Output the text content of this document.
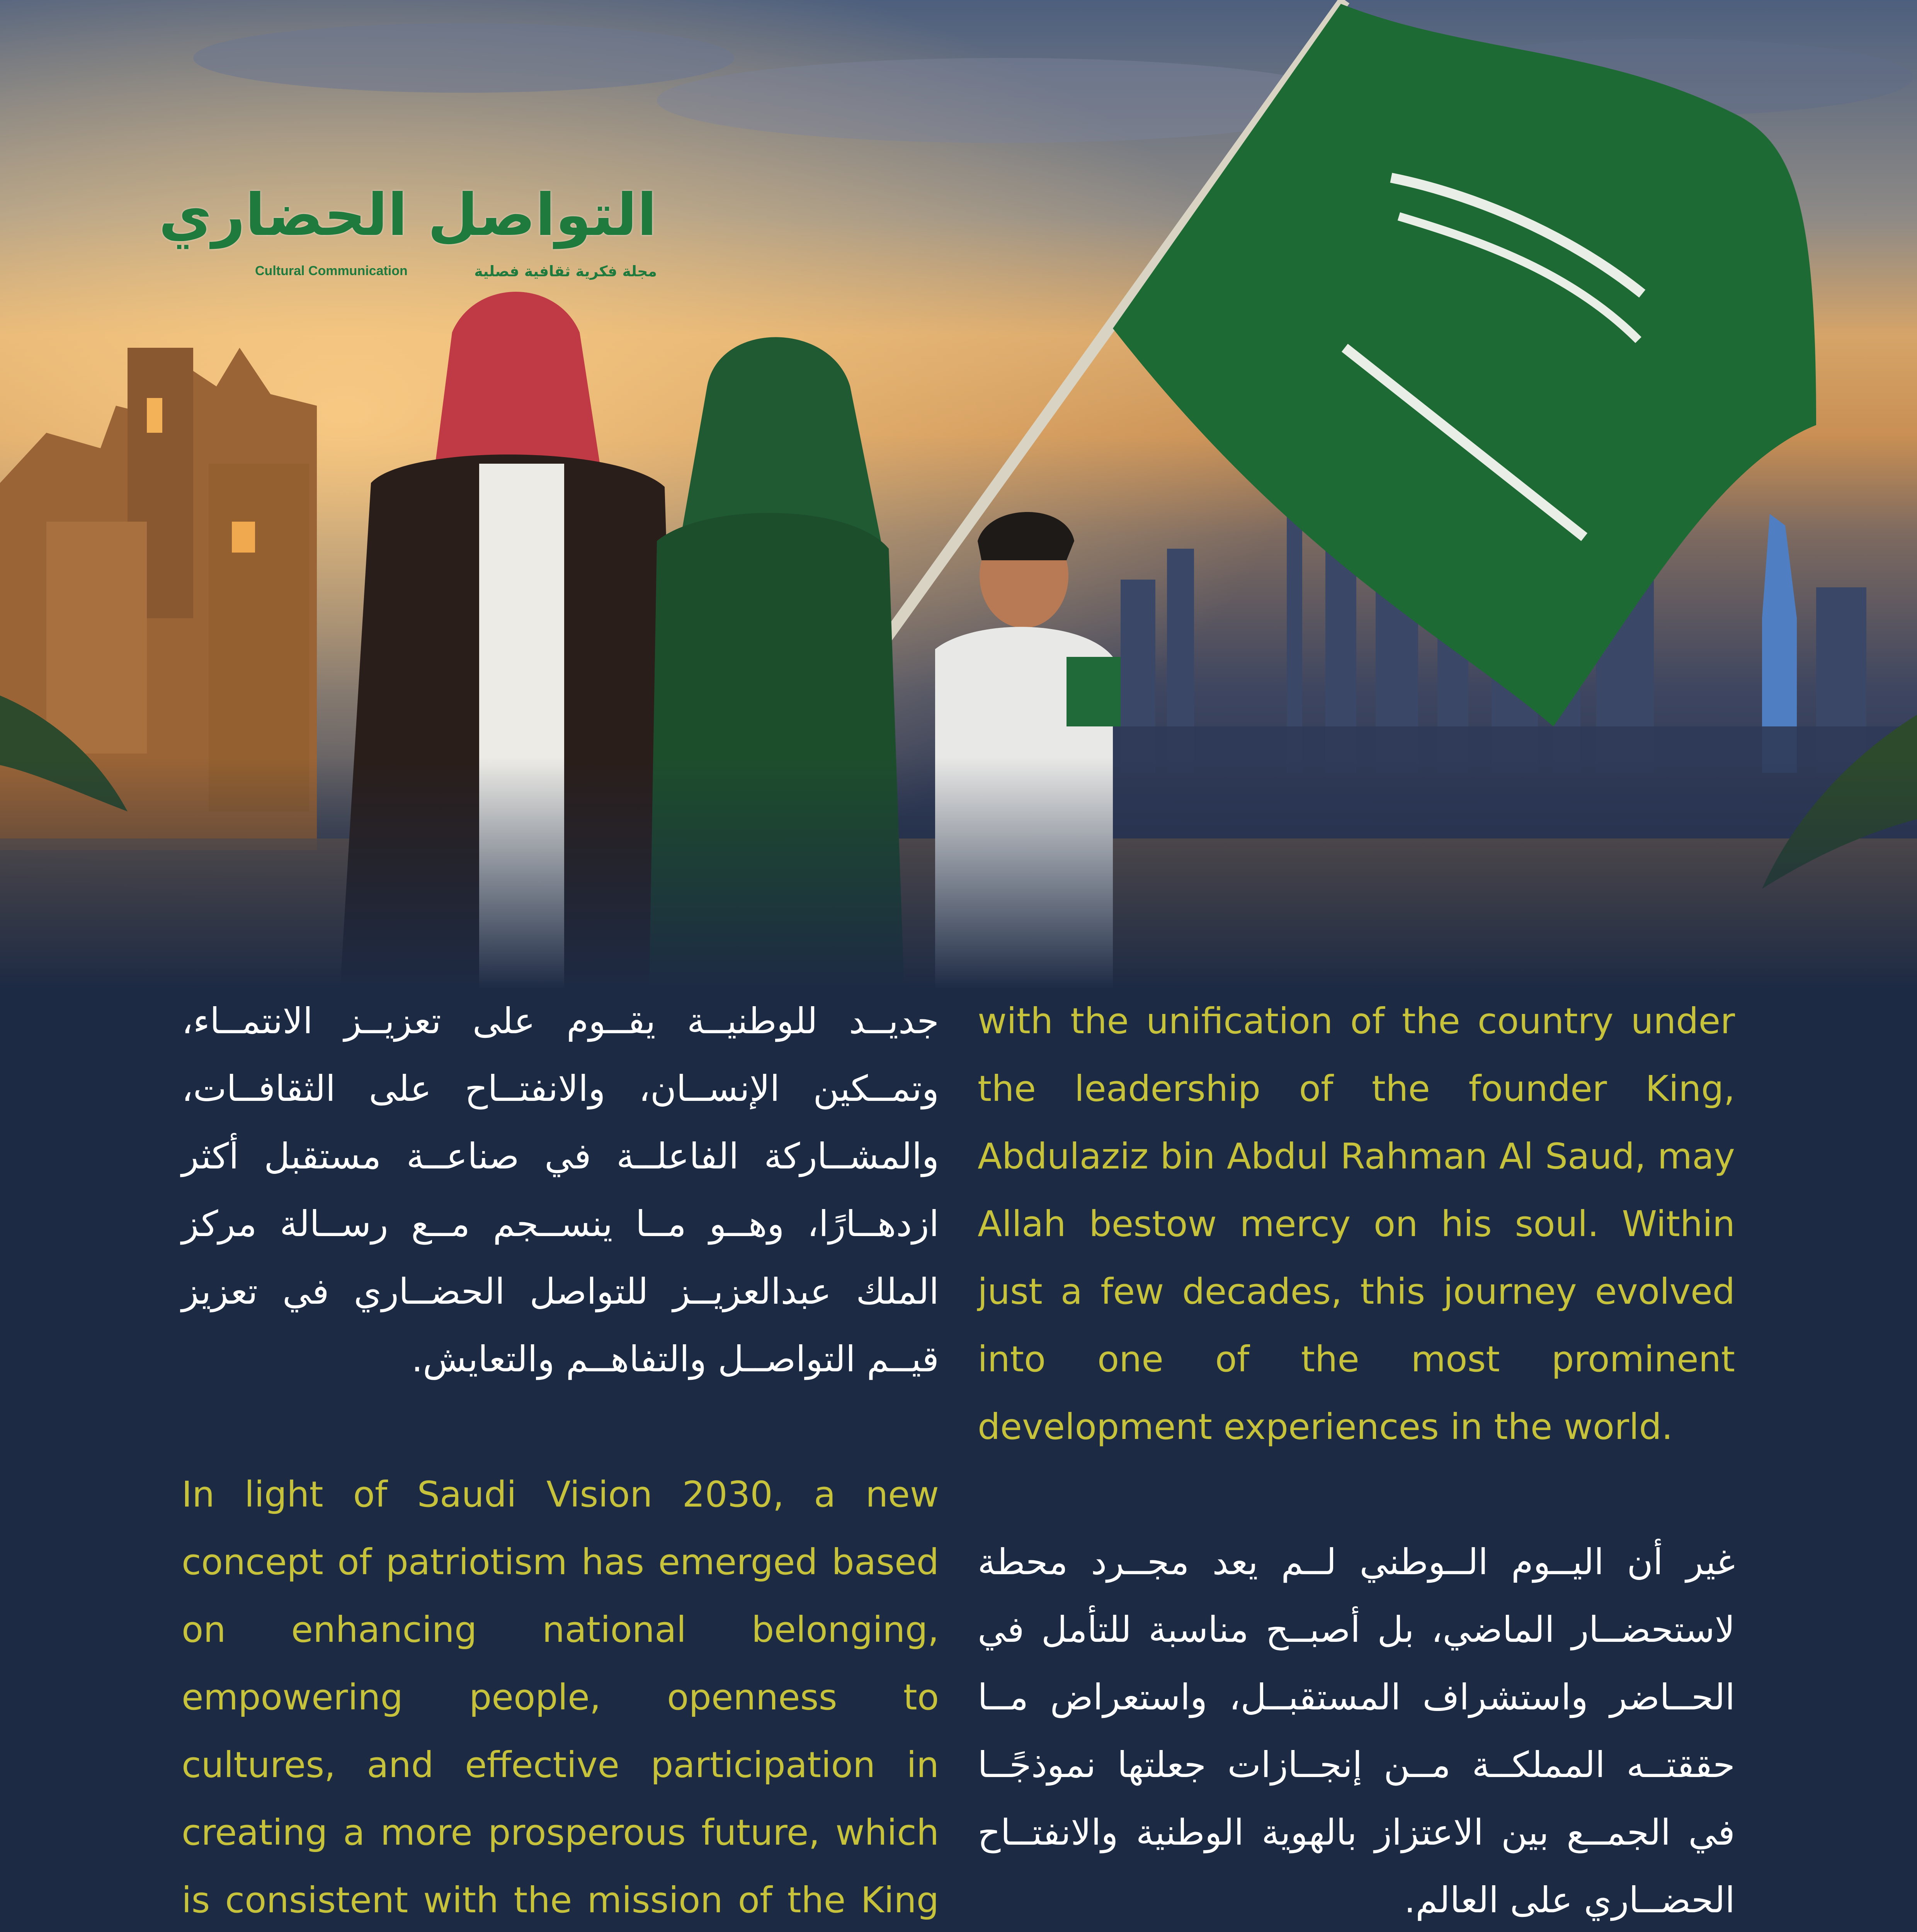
التواصل الحضاري
مجلة فكرية ثقافية فصلية
Cultural Communication

جديــد للوطنيــة يقــوم على تعزيــز الانتمــاء، وتمــكين الإنســان، والانفتــاح على الثقافــات، والمشــاركة الفاعلــة في صناعــة مستقبل أكثر ازدهــارًا، وهــو مــا ينســجم مــع رســالة مركز الملك عبدالعزيــز للتواصل الحضــاري في تعزيز قيــم التواصــل والتفاهــم والتعايش.

In light of Saudi Vision 2030, a new concept of patriotism has emerged based on enhancing national belonging, empowering people, openness to cultures, and effective participation in creating a more prosperous future, which is consistent with the mission of the King

with the unification of the country under the leadership of the founder King, Abdulaziz bin Abdul Rahman Al Saud, may Allah bestow mercy on his soul. Within just a few decades, this journey evolved into one of the most prominent development experiences in the world.

غير أن اليــوم الــوطني لــم يعد مجــرد محطة لاستحضــار الماضي، بل أصبــح مناسبة للتأمل في الحــاضر واستشراف المستقبــل، واستعراض مــا حققتــه المملكــة مــن إنجــازات جعلتها نموذجًــا في الجمــع بين الاعتزاز بالهوية الوطنية والانفتــاح الحضــاري على العالم.
